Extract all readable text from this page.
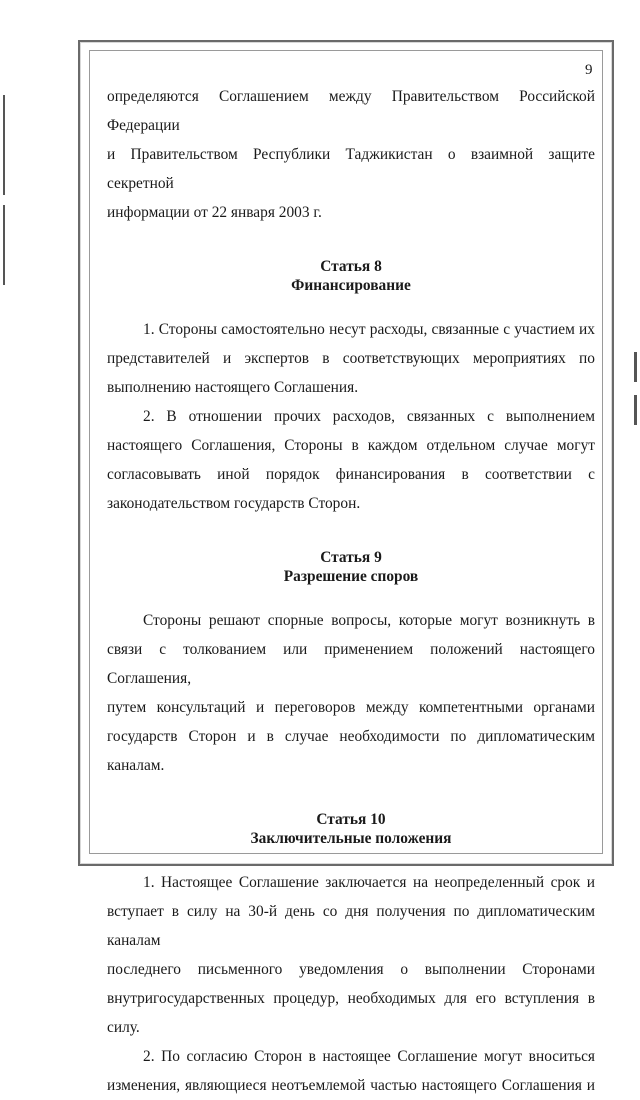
9

определяются Соглашением между Правительством Российской Федерации

и Правительством Республики Таджикистан о взаимной защите секретной

информации от 22 января 2003 г.

Статья 8

Финансирование

1. Стороны самостоятельно несут расходы, связанные с участием их

представителей и экспертов в соответствующих мероприятиях по

выполнению настоящего Соглашения.

2. В отношении прочих расходов, связанных с выполнением

настоящего Соглашения, Стороны в каждом отдельном случае могут

согласовывать иной порядок финансирования в соответствии с

законодательством государств Сторон.

Статья 9

Разрешение споров

Стороны решают спорные вопросы, которые могут возникнуть в

связи с толкованием или применением положений настоящего Соглашения,

путем консультаций и переговоров между компетентными органами

государств Сторон и в случае необходимости по дипломатическим каналам.

Статья 10

Заключительные положения

1. Настоящее Соглашение заключается на неопределенный срок и

вступает в силу на 30-й день со дня получения по дипломатическим каналам

последнего письменного уведомления о выполнении Сторонами

внутригосударственных процедур, необходимых для его вступления в силу.

2. По согласию Сторон в настоящее Соглашение могут вноситься

изменения, являющиеся неотъемлемой частью настоящего Соглашения и
